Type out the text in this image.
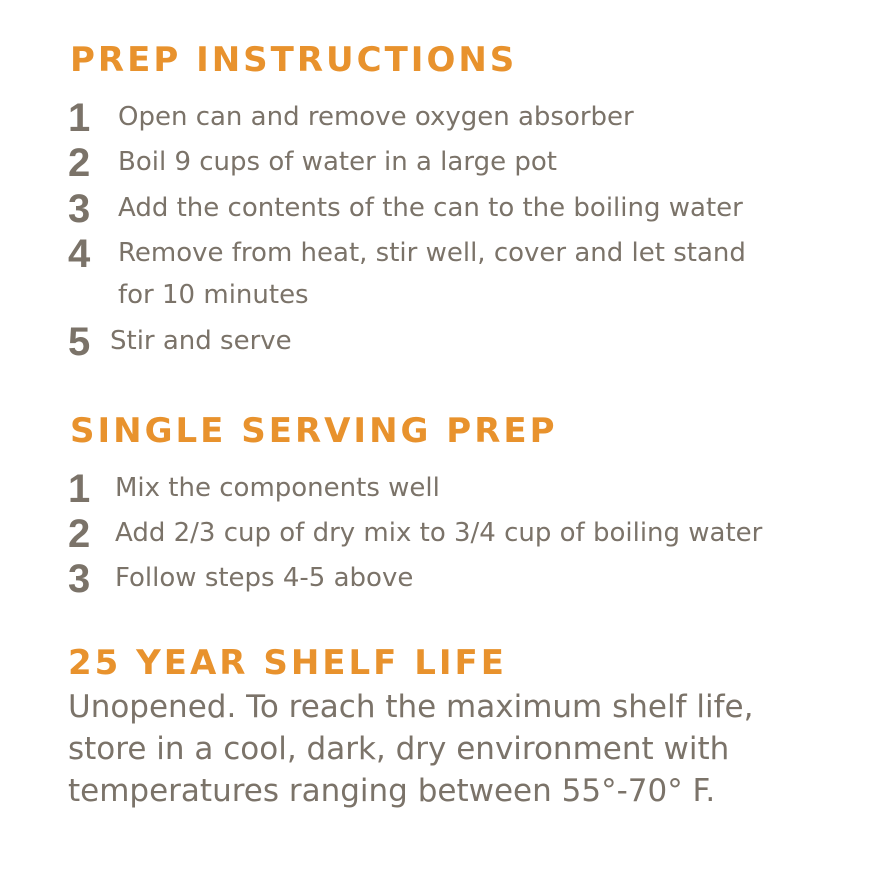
PREP INSTRUCTIONS
1 Open can and remove oxygen absorber
2 Boil 9 cups of water in a large pot
3 Add the contents of the can to the boiling water
4 Remove from heat, stir well, cover and let stand
for 10 minutes
5 Stir and serve
SINGLE SERVING PREP
1 Mix the components well
2 Add 2/3 cup of dry mix to 3/4 cup of boiling water
3 Follow steps 4-5 above
25 YEAR SHELF LIFE

Unopened. To reach the maximum shelf life,
store in a cool, dark, dry environment with
temperatures ranging between 55°-70° F.
